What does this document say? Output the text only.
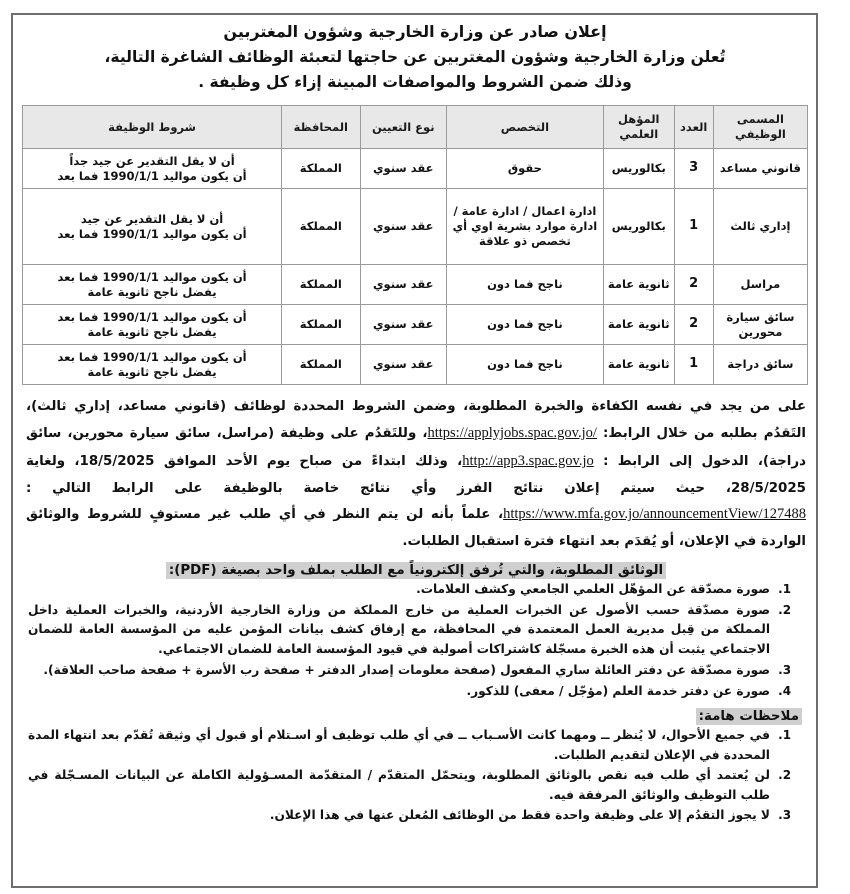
إعلان صادر عن وزارة الخارجية وشؤون المغتربين
تُعلن وزارة الخارجية وشؤون المغتربين عن حاجتها لتعبئة الوظائف الشاغرة التالية،
وذلك ضمن الشروط والمواصفات المبينة إزاء كل وظيفة .
المسمى الوظيفي	العدد	المؤهل العلمي	التخصص	نوع التعيين	المحافظة	شروط الوظيفة
قانوني مساعد	3	بكالوريس	حقوق	عقد سنوي	المملكة	أن لا يقل التقدير عن جيد جداً
أن يكون مواليد 1990/1/1 فما بعد

إداري ثالث	1	بكالوريس	ادارة اعمال / ادارة عامة / ادارة موارد بشرية اوي أي تخصص ذو علاقة	عقد سنوي	المملكة	أن لا يقل التقدير عن جيد
أن يكون مواليد 1990/1/1 فما بعد

مراسل	2	ثانوية عامة	ناجح فما دون	عقد سنوي	المملكة	أن يكون مواليد 1990/1/1 فما بعد
يفضل ناجح ثانوية عامة

سائق سيارة محورين	2	ثانوية عامة	ناجح فما دون	عقد سنوي	المملكة	أن يكون مواليد 1990/1/1 فما بعد
يفضل ناجح ثانوية عامة

سائق دراجة	1	ثانوية عامة	ناجح فما دون	عقد سنوي	المملكة	أن يكون مواليد 1990/1/1 فما بعد
يفضل ناجح ثانوية عامة

على من يجد في نفسه الكفاءة والخبرة المطلوبة، وضمن الشروط المحددة لوظائف (قانوني مساعد، إداري ثالث)، التَقدُم بطلبه من خلال الرابط: https://applyjobs.spac.gov.jo/، وللتَقدُم على وظيفة (مراسل، سائق سيارة محورين، سائق دراجة)، الدخول إلى الرابط : http://app3.spac.gov.jo، وذلك ابتداءً من صباح يوم الأحد الموافق 18/5/2025، ولغاية 28/5/2025، حيث سيتم إعلان نتائج الفرز وأي نتائج خاصة بالوظيفة على الرابط التالي : https://www.mfa.gov.jo/announcementView/127488، علماً بأنه لن يتم النظر في أي طلب غير مستوفٍ للشروط والوثائق الواردة في الإعلان، أو يُقدَم بعد انتهاء فترة استقبال الطلبات.

الوثائق المطلوبة، والتي تُرفق إلكترونياً مع الطلب بملف واحد بصيغة (PDF):
1. صورة مصدّقة عن المؤهّل العلمي الجامعي وكشف العلامات.
2. صورة مصدّقة حسب الأصول عن الخبرات العملية من خارج المملكة من وزارة الخارجية الأردنية، والخبرات العملية داخل المملكة من قِبل مديرية العمل المعتمدة في المحافظة، مع إرفاق كشف بيانات المؤمن عليه من المؤسسة العامة للضمان الاجتماعي يثبت أن هذه الخبرة مسجّلة كاشتراكات أصولية في قيود المؤسسة العامة للضمان الاجتماعي.
3. صورة مصدّقة عن دفتر العائلة ساري المفعول (صفحة معلومات إصدار الدفتر + صفحة رب الأسرة + صفحة صاحب العلاقة).
4. صورة عن دفتر خدمة العلم (مؤجّل / معفى) للذكور.
ملاحظات هامة:
1. في جميع الأحوال، لا يُنظر ــ ومهما كانت الأسـباب ــ في أي طلب توظيف أو اسـتلام أو قبول أي وثيقة تُقدّم بعد انتهاء المدة المحددة في الإعلان لتقديم الطلبات.
2. لن يُعتمد أي طلب فيه نقص بالوثائق المطلوبة، ويتحمّل المتقدّم / المتقدّمة المسـؤولية الكاملة عن البيانات المسـجّلة في طلب التوظيف والوثائق المرفقة فيه.
3. لا يجوز التقدُم إلا على وظيفة واحدة فقط من الوظائف المُعلن عنها في هذا الإعلان.
